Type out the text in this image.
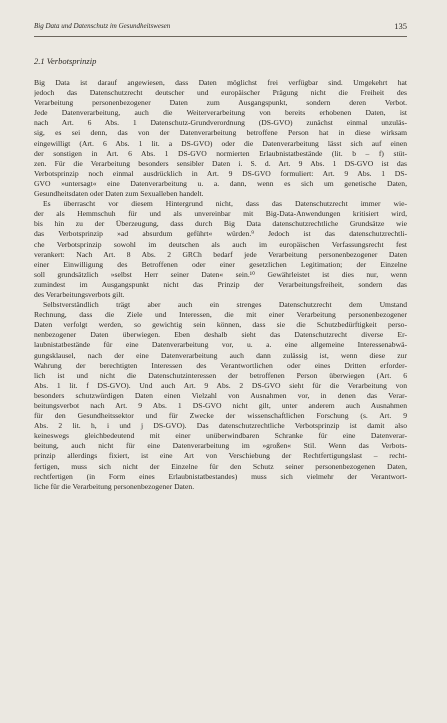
Big Data und Datenschutz im Gesundheitswesen	135
2.1 Verbotsprinzip
Big Data ist darauf angewiesen, dass Daten möglichst frei verfügbar sind. Umgekehrt hat
jedoch das Datenschutzrecht deutscher und europäischer Prägung nicht die Freiheit des
Verarbeitung personenbezogener Daten zum Ausgangspunkt, sondern deren Verbot.
Jede Datenverarbeitung, auch die Weiterverarbeitung von bereits erhobenen Daten, ist
nach Art. 6 Abs. 1 Datenschutz-Grundverordnung (DS-GVO) zunächst einmal unzuläs-
sig, es sei denn, das von der Datenverarbeitung betroffene Person hat in diese wirksam
eingewilligt (Art. 6 Abs. 1 lit. a DS-GVO) oder die Datenverarbeitung lässt sich auf einen
der sonstigen in Art. 6 Abs. 1 DS-GVO normierten Erlaubnistatbestände (lit. b – f) stüt-
zen. Für die Verarbeitung besonders sensibler Daten i. S. d. Art. 9 Abs. 1 DS-GVO ist das
Verbotsprinzip noch einmal ausdrücklich in Art. 9 DS-GVO formuliert: Art. 9 Abs. 1 DS-
GVO »untersagt« eine Datenverarbeitung u. a. dann, wenn es sich um genetische Daten,
Gesundheitsdaten oder Daten zum Sexualleben handelt.
Es überrascht vor diesem Hintergrund nicht, dass das Datenschutzrecht immer wie-
der als Hemmschuh für und als unvereinbar mit Big-Data-Anwendungen kritisiert wird,
bis hin zu der Überzeugung, dass durch Big Data datenschutzrechtliche Grundsätze wie
das Verbotsprinzip »ad absurdum geführt« würden.⁹ Jedoch ist das datenschutzrechtli-
che Verbotsprinzip sowohl im deutschen als auch im europäischen Verfassungsrecht fest
verankert: Nach Art. 8 Abs. 2 GRCh bedarf jede Verarbeitung personenbezogener Daten
einer Einwilligung des Betroffenen oder einer gesetzlichen Legitimation; der Einzelne
soll grundsätzlich »selbst Herr seiner Daten« sein.¹⁰ Gewährleistet ist dies nur, wenn
zumindest im Ausgangspunkt nicht das Prinzip der Verarbeitungsfreiheit, sondern das
des Verarbeitungsverbots gilt.
Selbstverständlich trägt aber auch ein strenges Datenschutzrecht dem Umstand
Rechnung, dass die Ziele und Interessen, die mit einer Verarbeitung personenbezogener
Daten verfolgt werden, so gewichtig sein können, dass sie die Schutzbedürftigkeit perso-
nenbezogener Daten überwiegen. Eben deshalb sieht das Datenschutzrecht diverse Er-
laubnistatbestände für eine Datenverarbeitung vor, u. a. eine allgemeine Interessenabwä-
gungsklausel, nach der eine Datenverarbeitung auch dann zulässig ist, wenn diese zur
Wahrung der berechtigten Interessen des Verantwortlichen oder eines Dritten erforder-
lich ist und nicht die Datenschutzinteressen der betroffenen Person überwiegen (Art. 6
Abs. 1 lit. f DS-GVO). Und auch Art. 9 Abs. 2 DS-GVO sieht für die Verarbeitung von
besonders schutzwürdigen Daten einen Vielzahl von Ausnahmen vor, in denen das Verar-
beitungsverbot nach Art. 9 Abs. 1 DS-GVO nicht gilt, unter anderem auch Ausnahmen
für den Gesundheitssektor und für Zwecke der wissenschaftlichen Forschung (s. Art. 9
Abs. 2 lit. h, i und j DS-GVO). Das datenschutzrechtliche Verbotsprinzip ist damit also
keineswegs gleichbedeutend mit einer unüberwindbaren Schranke für eine Datenverar-
beitung, auch nicht für eine Datenverarbeitung im »großen« Stil. Wenn das Verbots-
prinzip allerdings fixiert, ist eine Art von Verschiebung der Rechtfertigungslast – recht-
fertigen, muss sich nicht der Einzelne für den Schutz seiner personenbezogenen Daten,
rechtfertigen (in Form eines Erlaubnistatbestandes) muss sich vielmehr der Verantwort-
liche für die Verarbeitung personenbezogener Daten.
